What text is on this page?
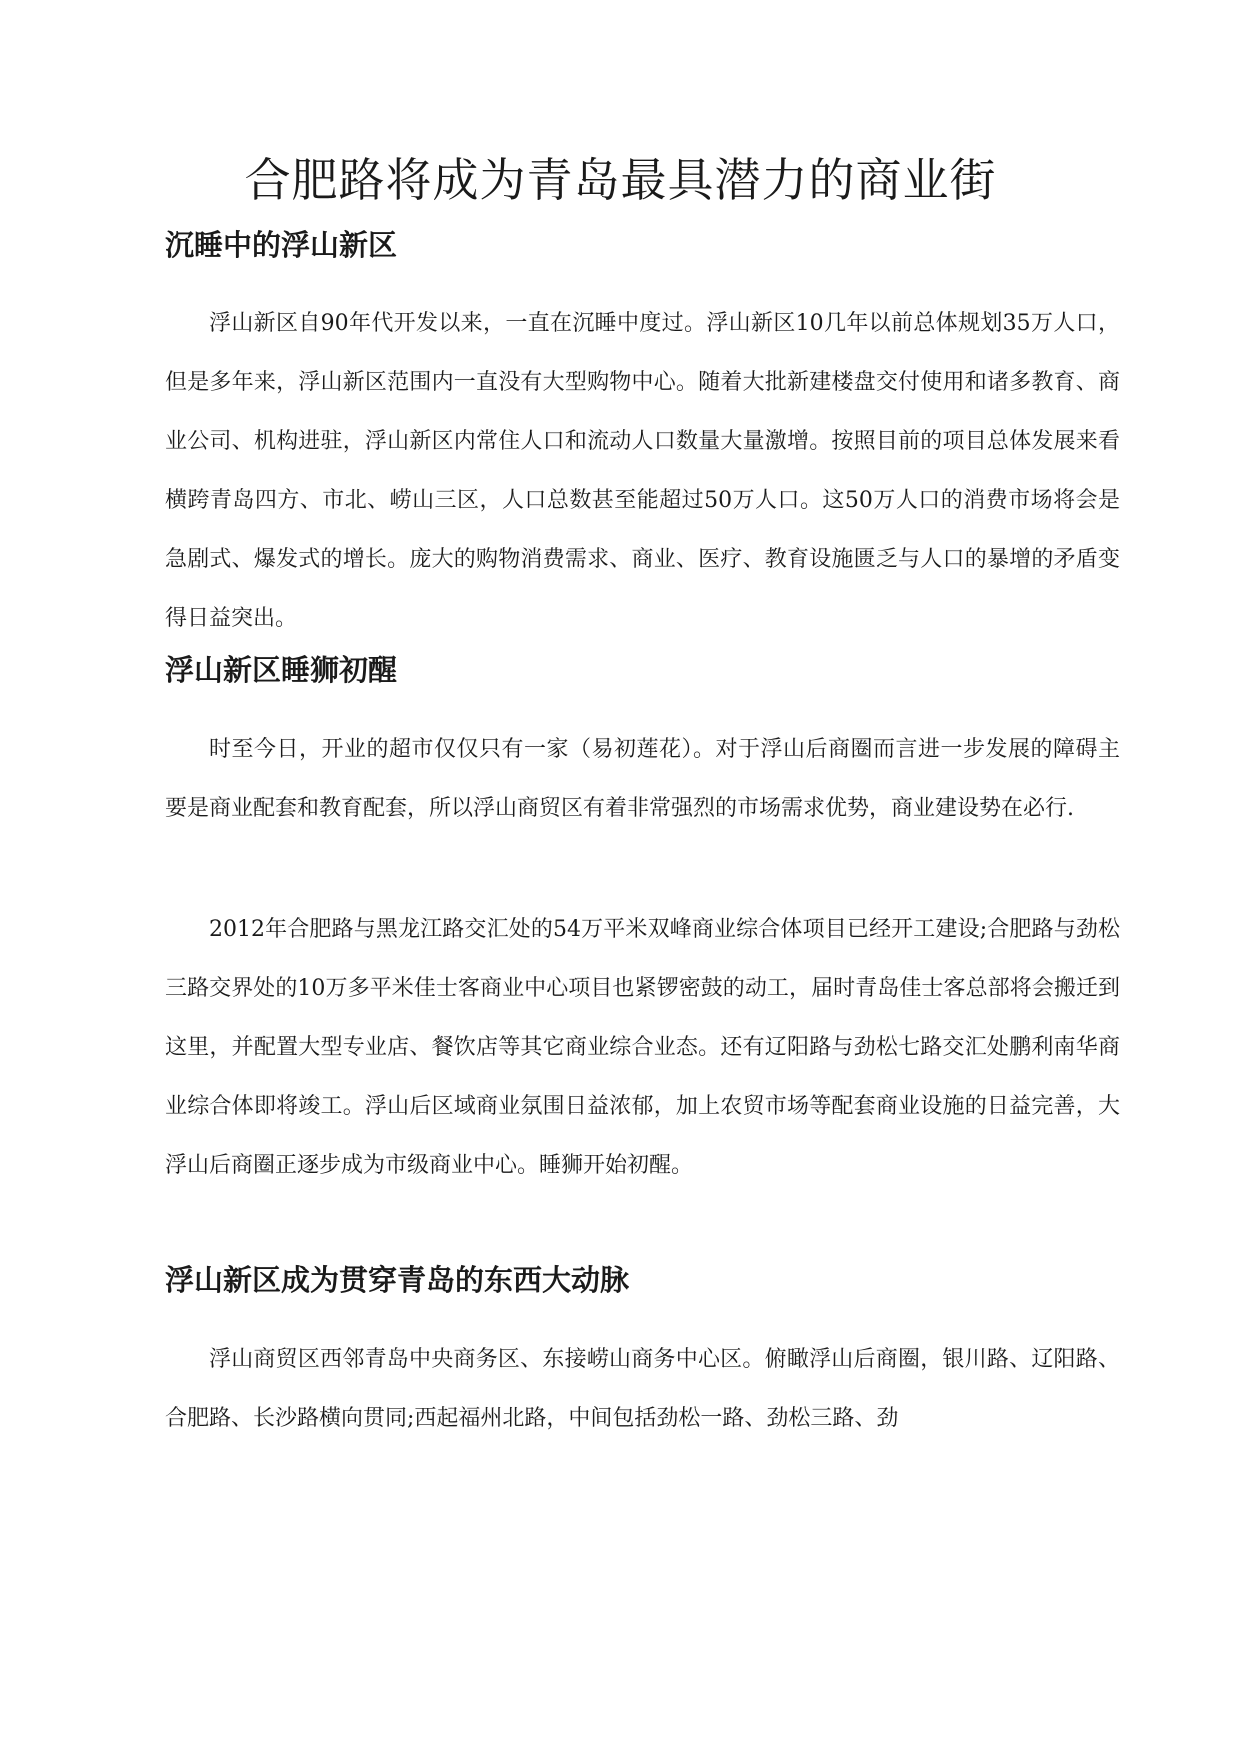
合肥路将成为青岛最具潜力的商业街
沉睡中的浮山新区

浮山新区自90年代开发以来，一直在沉睡中度过。浮山新区10几年以前总体规划35万人口，但是多年来，浮山新区范围内一直没有大型购物中心。随着大批新建楼盘交付使用和诸多教育、商业公司、机构进驻，浮山新区内常住人口和流动人口数量大量激增。按照目前的项目总体发展来看横跨青岛四方、市北、崂山三区，人口总数甚至能超过50万人口。这50万人口的消费市场将会是急剧式、爆发式的增长。庞大的购物消费需求、商业、医疗、教育设施匮乏与人口的暴增的矛盾变得日益突出。

浮山新区睡狮初醒

时至今日，开业的超市仅仅只有一家（易初莲花）。对于浮山后商圈而言进一步发展的障碍主要是商业配套和教育配套，所以浮山商贸区有着非常强烈的市场需求优势，商业建设势在必行.

2012年合肥路与黑龙江路交汇处的54万平米双峰商业综合体项目已经开工建设;合肥路与劲松三路交界处的10万多平米佳士客商业中心项目也紧锣密鼓的动工，届时青岛佳士客总部将会搬迁到这里，并配置大型专业店、餐饮店等其它商业综合业态。还有辽阳路与劲松七路交汇处鹏利南华商业综合体即将竣工。浮山后区域商业氛围日益浓郁，加上农贸市场等配套商业设施的日益完善，大浮山后商圈正逐步成为市级商业中心。睡狮开始初醒。

浮山新区成为贯穿青岛的东西大动脉

浮山商贸区西邻青岛中央商务区、东接崂山商务中心区。俯瞰浮山后商圈，银川路、辽阳路、合肥路、长沙路横向贯同;西起福州北路，中间包括劲松一路、劲松三路、劲
